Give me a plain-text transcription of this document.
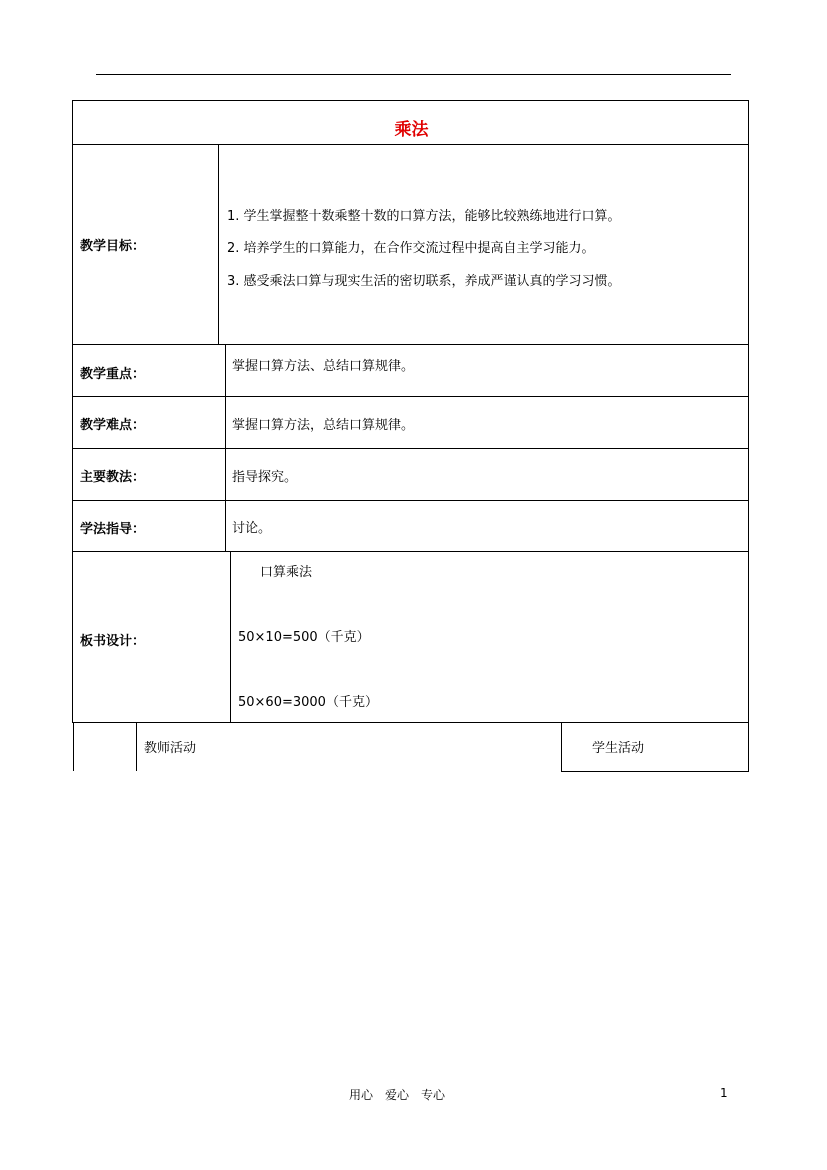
乘法
教学目标：
1. 学生掌握整十数乘整十数的口算方法，能够比较熟练地进行口算。
2. 培养学生的口算能力，在合作交流过程中提高自主学习能力。
3. 感受乘法口算与现实生活的密切联系，养成严谨认真的学习习惯。
教学重点：
掌握口算方法、总结口算规律。
教学难点：	掌握口算方法，总结口算规律。
主要教法：	指导探究。
学法指导：	讨论。
板书设计：
口算乘法
50×10=500（千克）
50×60=3000（千克）
教师活动	学生活动
用心　爱心　专心	1
